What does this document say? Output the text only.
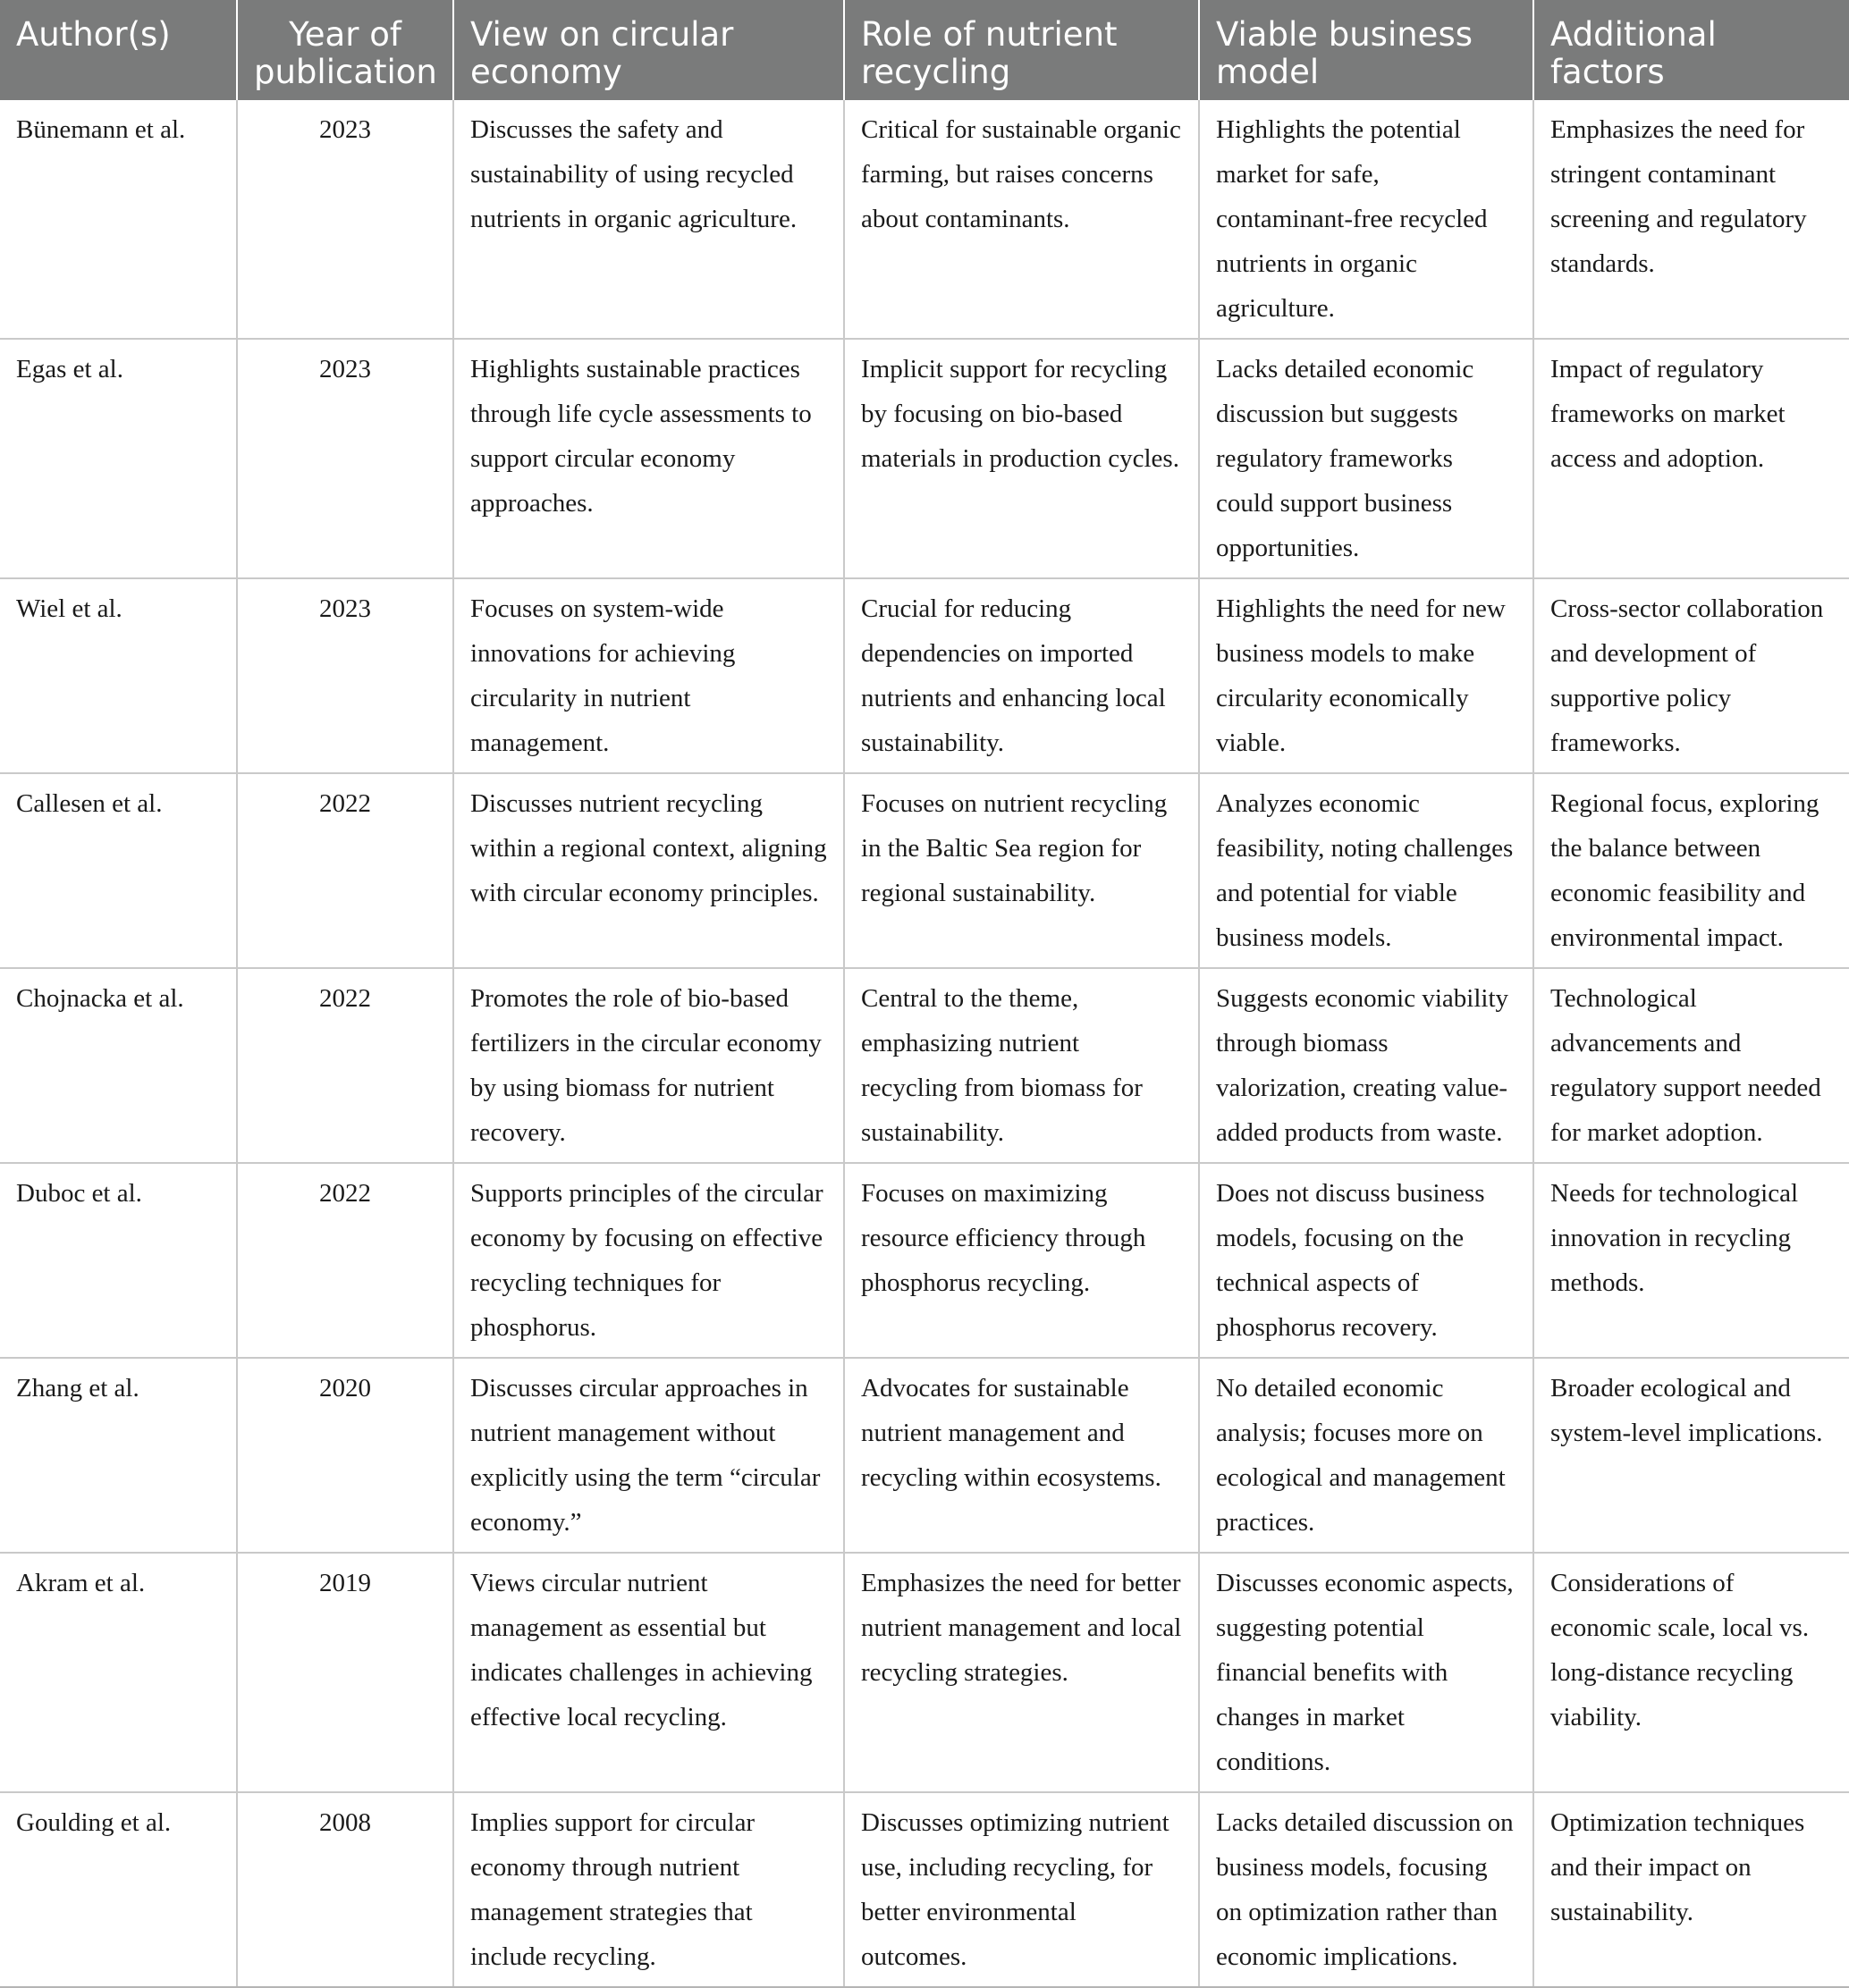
Author(s)	Year of publication	View on circular economy	Role of nutrient recycling	Viable business model	Additional factors
Bünemann et al.	2023	Discusses the safety and sustainability of using recycled nutrients in organic agriculture.	Critical for sustainable organic farming, but raises concerns about contaminants.	Highlights the potential market for safe, contaminant-free recycled nutrients in organic agriculture.	Emphasizes the need for stringent contaminant screening and regulatory standards.
Egas et al.	2023	Highlights sustainable practices through life cycle assessments to support circular economy approaches.	Implicit support for recycling by focusing on bio-based materials in production cycles.	Lacks detailed economic discussion but suggests regulatory frameworks could support business opportunities.	Impact of regulatory frameworks on market access and adoption.
Wiel et al.	2023	Focuses on system-wide innovations for achieving circularity in nutrient management.	Crucial for reducing dependencies on imported nutrients and enhancing local sustainability.	Highlights the need for new business models to make circularity economically viable.	Cross-sector collaboration and development of supportive policy frameworks.
Callesen et al.	2022	Discusses nutrient recycling within a regional context, aligning with circular economy principles.	Focuses on nutrient recycling in the Baltic Sea region for regional sustainability.	Analyzes economic feasibility, noting challenges and potential for viable business models.	Regional focus, exploring the balance between economic feasibility and environmental impact.
Chojnacka et al.	2022	Promotes the role of bio-based fertilizers in the circular economy by using biomass for nutrient recovery.	Central to the theme, emphasizing nutrient recycling from biomass for sustainability.	Suggests economic viability through biomass valorization, creating value-added products from waste.	Technological advancements and regulatory support needed for market adoption.
Duboc et al.	2022	Supports principles of the circular economy by focusing on effective recycling techniques for phosphorus.	Focuses on maximizing resource efficiency through phosphorus recycling.	Does not discuss business models, focusing on the technical aspects of phosphorus recovery.	Needs for technological innovation in recycling methods.
Zhang et al.	2020	Discusses circular approaches in nutrient management without explicitly using the term “circular economy.”	Advocates for sustainable nutrient management and recycling within ecosystems.	No detailed economic analysis; focuses more on ecological and management practices.	Broader ecological and system-level implications.
Akram et al.	2019	Views circular nutrient management as essential but indicates challenges in achieving effective local recycling.	Emphasizes the need for better nutrient management and local recycling strategies.	Discusses economic aspects, suggesting potential financial benefits with changes in market conditions.	Considerations of economic scale, local vs. long-distance recycling viability.
Goulding et al.	2008	Implies support for circular economy through nutrient management strategies that include recycling.	Discusses optimizing nutrient use, including recycling, for better environmental outcomes.	Lacks detailed discussion on business models, focusing on optimization rather than economic implications.	Optimization techniques and their impact on sustainability.
